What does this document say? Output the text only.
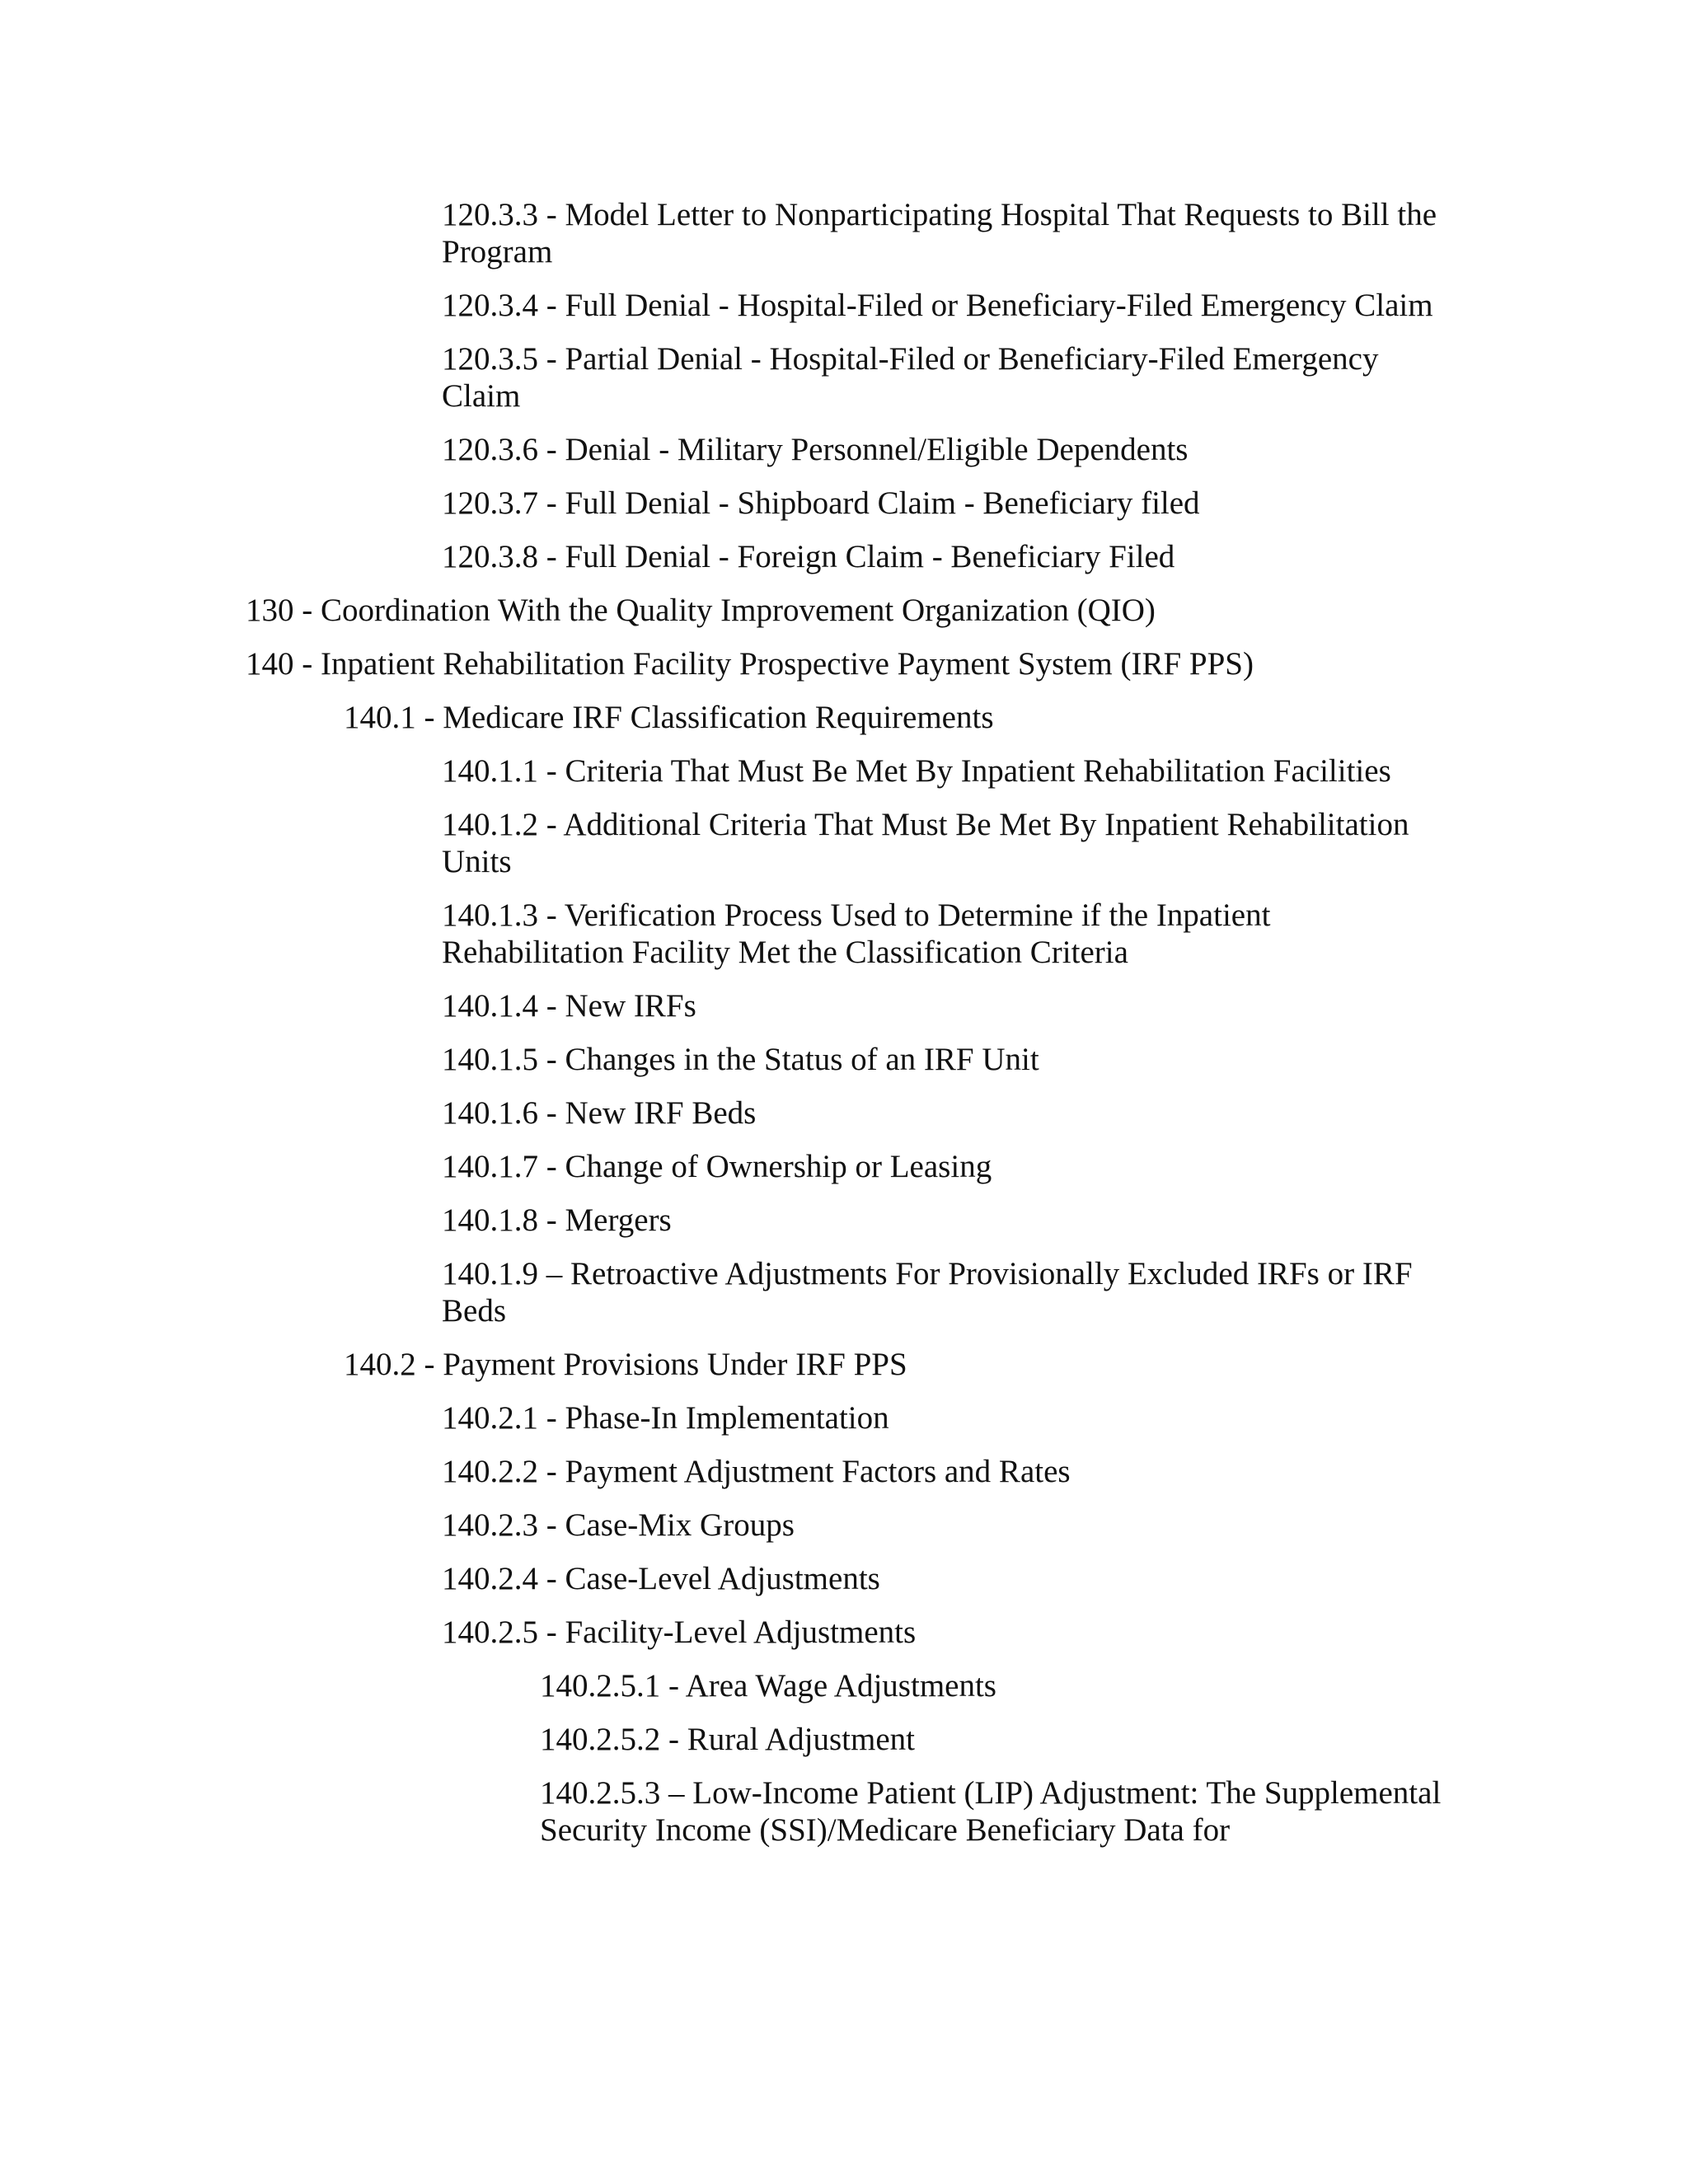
120.3.3 - Model Letter to Nonparticipating Hospital That Requests to Bill the Program

120.3.4 - Full Denial - Hospital-Filed or Beneficiary-Filed Emergency Claim

120.3.5 - Partial Denial - Hospital-Filed or Beneficiary-Filed Emergency Claim

120.3.6 - Denial - Military Personnel/Eligible Dependents

120.3.7 - Full Denial - Shipboard Claim - Beneficiary filed

120.3.8 - Full Denial - Foreign Claim - Beneficiary Filed

130 - Coordination With the Quality Improvement Organization (QIO)

140 - Inpatient Rehabilitation Facility Prospective Payment System (IRF PPS)

140.1 - Medicare IRF Classification Requirements

140.1.1 - Criteria That Must Be Met By Inpatient Rehabilitation Facilities

140.1.2 - Additional Criteria That Must Be Met By Inpatient Rehabilitation Units

140.1.3 - Verification Process Used to Determine if the Inpatient Rehabilitation Facility Met the Classification Criteria

140.1.4 - New IRFs

140.1.5 - Changes in the Status of an IRF Unit

140.1.6 - New IRF Beds

140.1.7 - Change of Ownership or Leasing

140.1.8 - Mergers

140.1.9 – Retroactive Adjustments For Provisionally Excluded IRFs or IRF Beds

140.2 - Payment Provisions Under IRF PPS

140.2.1 - Phase-In Implementation

140.2.2 - Payment Adjustment Factors and Rates

140.2.3 - Case-Mix Groups

140.2.4 - Case-Level Adjustments

140.2.5 - Facility-Level Adjustments

140.2.5.1 - Area Wage Adjustments

140.2.5.2 - Rural Adjustment

140.2.5.3 – Low-Income Patient (LIP) Adjustment: The Supplemental Security Income (SSI)/Medicare Beneficiary Data for
